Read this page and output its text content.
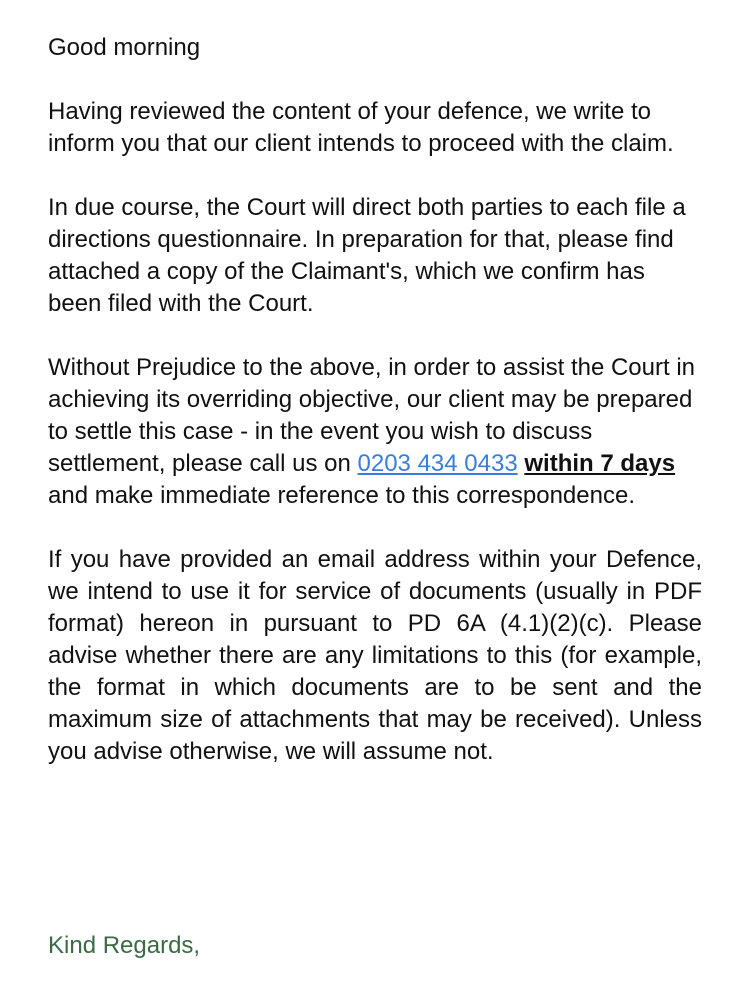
Good morning

Having reviewed the content of your defence, we write to inform you that our client intends to proceed with the claim.

In due course, the Court will direct both parties to each file a directions questionnaire. In preparation for that, please find attached a copy of the Claimant's, which we confirm has been filed with the Court.

Without Prejudice to the above, in order to assist the Court in achieving its overriding objective, our client may be prepared to settle this case - in the event you wish to discuss settlement, please call us on 0203 434 0433 within 7 days and make immediate reference to this correspondence.

If you have provided an email address within your Defence, we intend to use it for service of documents (usually in PDF format) hereon in pursuant to PD 6A (4.1)(2)(c). Please advise whether there are any limitations to this (for example, the format in which documents are to be sent and the maximum size of attachments that may be received). Unless you advise otherwise, we will assume not.

Kind Regards,
